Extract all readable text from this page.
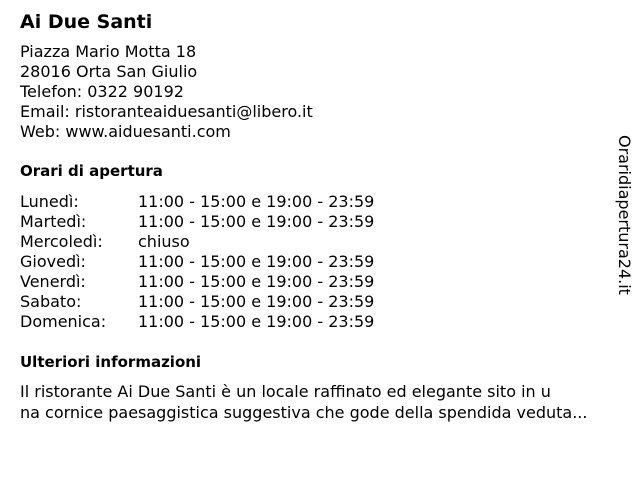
Ai Due Santi
Piazza Mario Motta 18
28016 Orta San Giulio
Telefon: 0322 90192
Email: ristoranteaiduesanti@libero.it
Web: www.aiduesanti.com
Orari di apertura
Lunedì:	11:00 - 15:00 e 19:00 - 23:59
Martedì:	11:00 - 15:00 e 19:00 - 23:59
Mercoledì:	chiuso
Giovedì:	11:00 - 15:00 e 19:00 - 23:59
Venerdì:	11:00 - 15:00 e 19:00 - 23:59
Sabato:	11:00 - 15:00 e 19:00 - 23:59
Domenica:	11:00 - 15:00 e 19:00 - 23:59
Ulteriori informazioni
Il ristorante Ai Due Santi è un locale raffinato ed elegante sito in u
na cornice paesaggistica suggestiva che gode della spendida veduta...
Oraridiapertura24.it
